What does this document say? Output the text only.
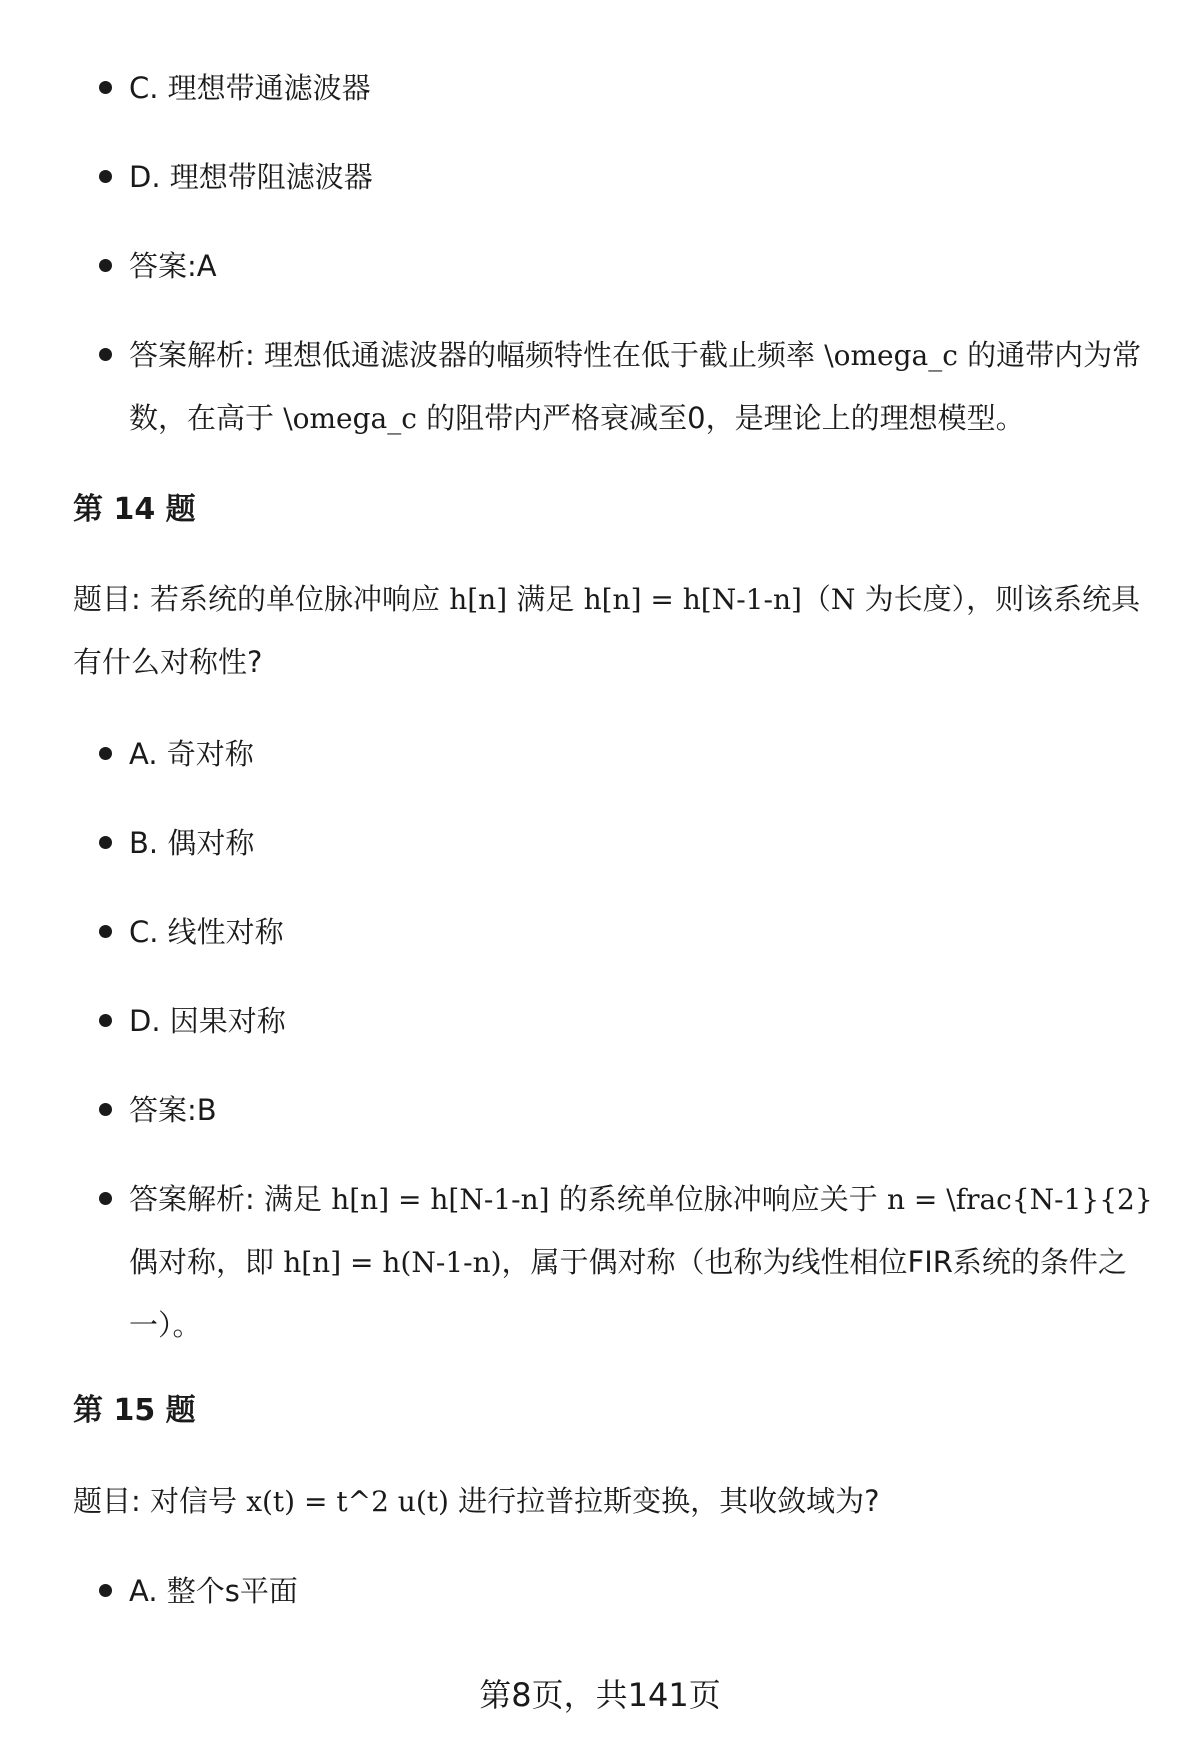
C. 理想带通滤波器
D. 理想带阻滤波器
答案:A
答案解析: 理想低通滤波器的幅频特性在低于截止频率 \omega_c 的通带内为常数，在高于 \omega_c 的阻带内严格衰减至0，是理论上的理想模型。
第 14 题
题目: 若系统的单位脉冲响应 h[n] 满足 h[n] = h[N-1-n]（N 为长度），则该系统具有什么对称性?
A. 奇对称
B. 偶对称
C. 线性对称
D. 因果对称
答案:B
答案解析: 满足 h[n] = h[N-1-n] 的系统单位脉冲响应关于 n = \frac{N-1}{2} 偶对称，即 h[n] = h(N-1-n)，属于偶对称（也称为线性相位FIR系统的条件之一）。
第 15 题
题目: 对信号 x(t) = t^2 u(t) 进行拉普拉斯变换，其收敛域为?
A. 整个s平面
第8页，共141页
